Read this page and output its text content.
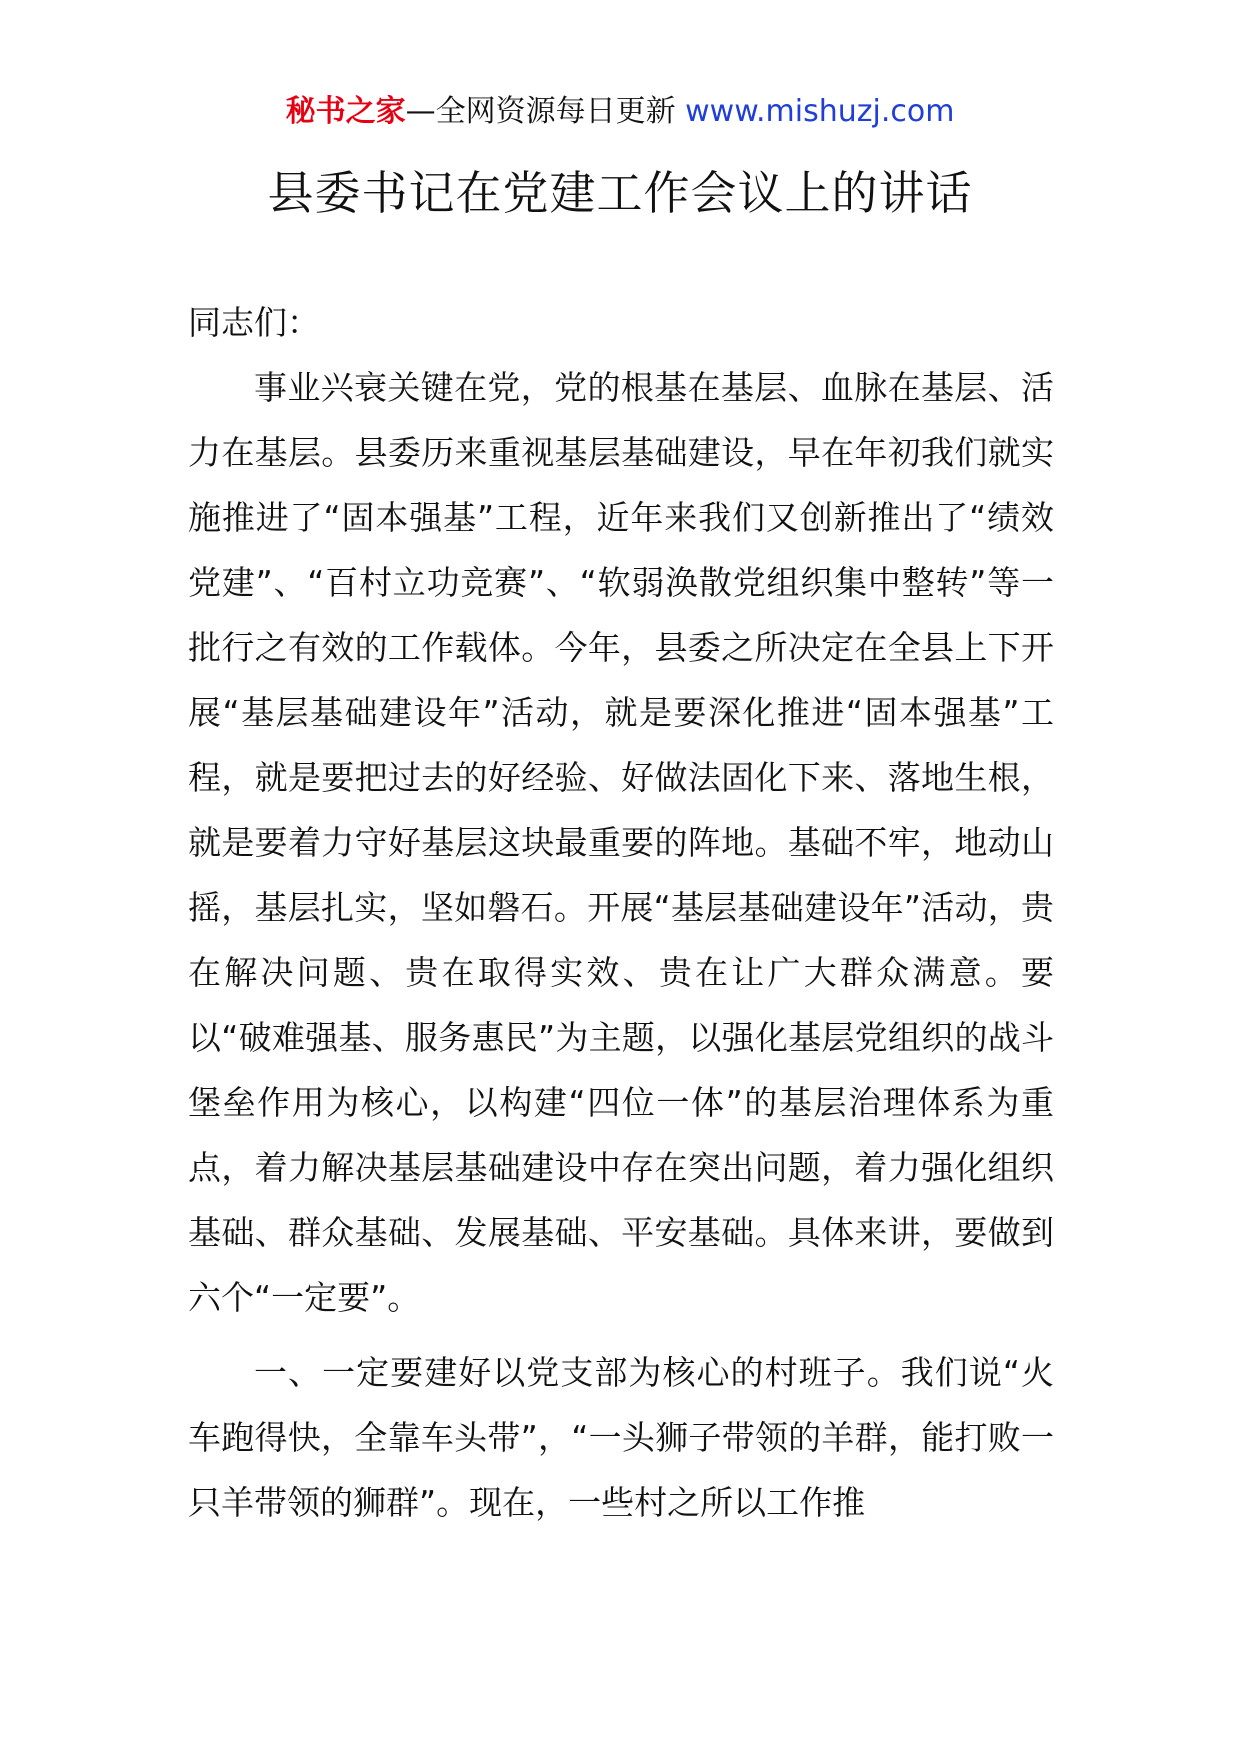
秘书之家—全网资源每日更新 www.mishuzj.com
县委书记在党建工作会议上的讲话

同志们：

事业兴衰关键在党，党的根基在基层、血脉在基层、活力在基层。县委历来重视基层基础建设，早在年初我们就实施推进了“固本强基”工程，近年来我们又创新推出了“绩效党建”、“百村立功竞赛”、“软弱涣散党组织集中整转”等一批行之有效的工作载体。今年，县委之所决定在全县上下开展“基层基础建设年”活动，就是要深化推进“固本强基”工程，就是要把过去的好经验、好做法固化下来、落地生根，就是要着力守好基层这块最重要的阵地。基础不牢，地动山摇，基层扎实，坚如磐石。开展“基层基础建设年”活动，贵在解决问题、贵在取得实效、贵在让广大群众满意。要以“破难强基、服务惠民”为主题，以强化基层党组织的战斗堡垒作用为核心，以构建“四位一体”的基层治理体系为重点，着力解决基层基础建设中存在突出问题，着力强化组织基础、群众基础、发展基础、平安基础。具体来讲，要做到六个“一定要”。

一、一定要建好以党支部为核心的村班子。我们说“火车跑得快，全靠车头带”，“一头狮子带领的羊群，能打败一只羊带领的狮群”。现在，一些村之所以工作推
